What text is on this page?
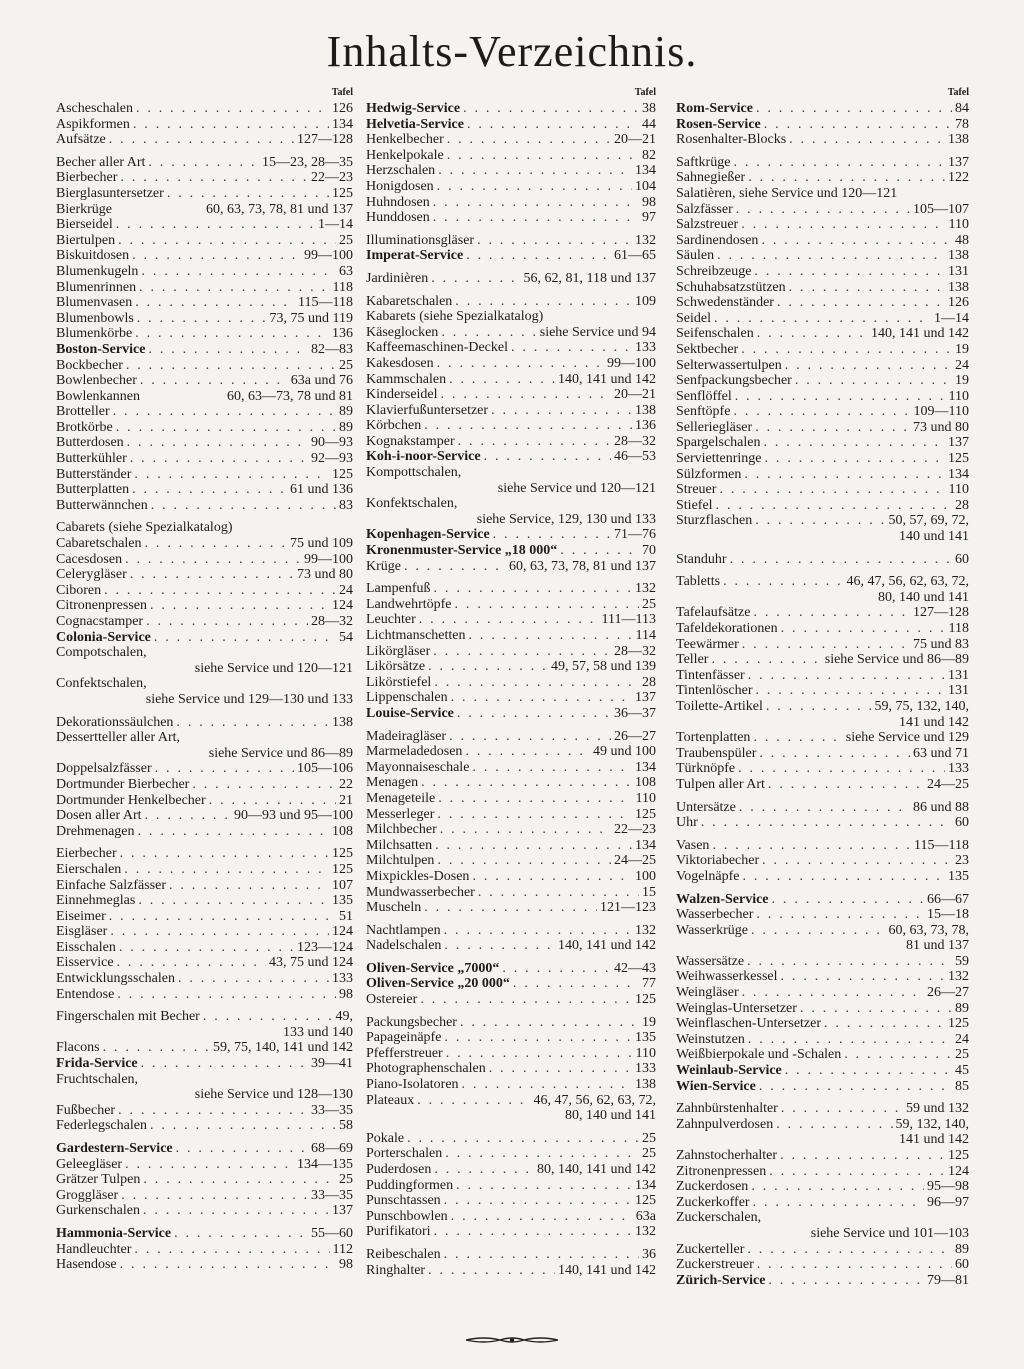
Inhalts-Verzeichnis.
Tafel
Ascheschalen . . .	126
Aspikformen . . .	134
Aufsätze . . .	127—128
Becher aller Art . . .	15—23, 28—35
Bierbecher . . .	22—23
Bierglasuntersetzer . . .	125
Bierkrüge	60, 63, 73, 78, 81 und 137
Bierseidel . . .	1—14
Biertulpen . . .	25
Biskuitdosen . . .	99—100
Blumenkugeln . . .	63
Blumenrinnen . . .	118
Blumenvasen . . .	115—118
Blumenbowls . . .	73, 75 und 119
Blumenkörbe . . .	136
Boston-Service . . .	82—83
Bockbecher . . .	25
Bowlenbecher . . .	63a und 76
Bowlenkannen	60, 63—73, 78 und 81
Brotteller . . .	89
Brotkörbe . . .	89
Butterdosen . . .	90—93
Butterkühler . . .	92—93
Butterständer . . .	125
Butterplatten . . .	61 und 136
Butterwännchen . . .	83
Cabarets (siehe Spezialkatalog)
Cabaretschalen . . .	75 und 109
Cacesdosen . . .	99—100
Celerygläser . . .	73 und 80
Ciboren . . .	24
Citronenpressen . . .	124
Cognacstamper . . .	28—32
Colonia-Service . . .	54
Compotschalen,
siehe Service und 120—121
Confektschalen,
siehe Service und 129—130 und 133
Dekorationssäulchen . . .	138
Dessertteller aller Art,
siehe Service und 86—89
Doppelsalzfässer . . .	105—106
Dortmunder Bierbecher . . .	22
Dortmunder Henkelbecher . . .	21
Dosen aller Art . . .	90—93 und 95—100
Drehmenagen . . .	108
Eierbecher . . .	125
Eierschalen . . .	125
Einfache Salzfässer . . .	107
Einnehmeglas . . .	135
Eiseimer . . .	51
Eisgläser . . .	124
Eisschalen . . .	123—124
Eisservice . . .	43, 75 und 124
Entwicklungsschalen . . .	133
Entendose . . .	98
Fingerschalen mit Becher . . .	49,
133 und 140
Flacons . . .	59, 75, 140, 141 und 142
Frida-Service . . .	39—41
Fruchtschalen,
siehe Service und 128—130
Fußbecher . . .	33—35
Federlegschalen . . .	58
Gardestern-Service . . .	68—69
Geleegläser . . .	134—135
Grätzer Tulpen . . .	25
Groggläser . . .	33—35
Gurkenschalen . . .	137
Hammonia-Service . . .	55—60
Handleuchter . . .	112
Hasendose . . .	98
Tafel
Hedwig-Service . . .	38
Helvetia-Service . . .	44
Henkelbecher . . .	20—21
Henkelpokale . . .	82
Herzschalen . . .	134
Honigdosen . . .	104
Huhndosen . . .	98
Hunddosen . . .	97
Illuminationsgläser . . .	132
Imperat-Service . . .	61—65
Jardinièren . . .	56, 62, 81, 118 und 137
Kabaretschalen . . .	109
Kabarets (siehe Spezialkatalog)
Käseglocken . . .	siehe Service und 94
Kaffeemaschinen-Deckel . . .	133
Kakesdosen . . .	99—100
Kammschalen . . .	140, 141 und 142
Kinderseidel . . .	20—21
Klavierfußuntersetzer . . .	138
Körbchen . . .	136
Kognakstamper . . .	28—32
Koh-i-noor-Service . . .	46—53
Kompottschalen,
siehe Service und 120—121
Konfektschalen,
siehe Service, 129, 130 und 133
Kopenhagen-Service . . .	71—76
Kronenmuster-Service „18 000“ . . .	70
Krüge . . .	60, 63, 73, 78, 81 und 137
Lampenfuß . . .	132
Landwehrtöpfe . . .	25
Leuchter . . .	111—113
Lichtmanschetten . . .	114
Likörgläser . . .	28—32
Likörsätze . . .	49, 57, 58 und 139
Likörstiefel . . .	28
Lippenschalen . . .	137
Louise-Service . . .	36—37
Madeiragläser . . .	26—27
Marmeladedosen . . .	49 und 100
Mayonnaiseschale . . .	134
Menagen . . .	108
Menageteile . . .	110
Messerleger . . .	125
Milchbecher . . .	22—23
Milchsatten . . .	134
Milchtulpen . . .	24—25
Mixpickles-Dosen . . .	100
Mundwasserbecher . . .	15
Muscheln . . .	121—123
Nachtlampen . . .	132
Nadelschalen . . .	140, 141 und 142
Oliven-Service „7000“ . . .	42—43
Oliven-Service „20 000“ . . .	77
Ostereier . . .	125
Packungsbecher . . .	19
Papageinäpfe . . .	135
Pfefferstreuer . . .	110
Photographenschalen . . .	133
Piano-Isolatoren . . .	138
Plateaux . . .	46, 47, 56, 62, 63, 72,
80, 140 und 141
Pokale . . .	25
Porterschalen . . .	25
Puderdosen . . .	80, 140, 141 und 142
Puddingformen . . .	134
Punschtassen . . .	125
Punschbowlen . . .	63a
Purifikatori . . .	132
Reibeschalen . . .	36
Ringhalter . . .	140, 141 und 142
Tafel
Rom-Service . . .	84
Rosen-Service . . .	78
Rosenhalter-Blocks . . .	138
Saftkrüge . . .	137
Sahnegießer . . .	122
Salatièren, siehe Service und 120—121
Salzfässer . . .	105—107
Salzstreuer . . .	110
Sardinendosen . . .	48
Säulen . . .	138
Schreibzeuge . . .	131
Schuhabsatzstützen . . .	138
Schwedenständer . . .	126
Seidel . . .	1—14
Seifenschalen . . .	140, 141 und 142
Sektbecher . . .	19
Selterwassertulpen . . .	24
Senfpackungsbecher . . .	19
Senflöffel . . .	110
Senftöpfe . . .	109—110
Selleriegläser . . .	73 und 80
Spargelschalen . . .	137
Serviettenringe . . .	125
Sülzformen . . .	134
Streuer . . .	110
Stiefel . . .	28
Sturzflaschen . . .	50, 57, 69, 72,
140 und 141
Standuhr . . .	60
Tabletts . . .	46, 47, 56, 62, 63, 72,
80, 140 und 141
Tafelaufsätze . . .	127—128
Tafeldekorationen . . .	118
Teewärmer . . .	75 und 83
Teller . . .	siehe Service und 86—89
Tintenfässer . . .	131
Tintenlöscher . . .	131
Toilette-Artikel . . .	59, 75, 132, 140,
141 und 142
Tortenplatten . . .	siehe Service und 129
Traubenspüler . . .	63 und 71
Türknöpfe . . .	133
Tulpen aller Art . . .	24—25
Untersätze . . .	86 und 88
Uhr . . .	60
Vasen . . .	115—118
Viktoriabecher . . .	23
Vogelnäpfe . . .	135
Walzen-Service . . .	66—67
Wasserbecher . . .	15—18
Wasserkrüge . . .	60, 63, 73, 78,
81 und 137
Wassersätze . . .	59
Weihwasserkessel . . .	132
Weingläser . . .	26—27
Weinglas-Untersetzer . . .	89
Weinflaschen-Untersetzer . . .	125
Weinstutzen . . .	24
Weißbierpokale und -Schalen . . .	25
Weinlaub-Service . . .	45
Wien-Service . . .	85
Zahnbürstenhalter . . .	59 und 132
Zahnpulverdosen . . .	59, 132, 140,
141 und 142
Zahnstocherhalter . . .	125
Zitronenpressen . . .	124
Zuckerdosen . . .	95—98
Zuckerkoffer . . .	96—97
Zuckerschalen,
siehe Service und 101—103
Zuckerteller . . .	89
Zuckerstreuer . . .	60
Zürich-Service . . .	79—81
